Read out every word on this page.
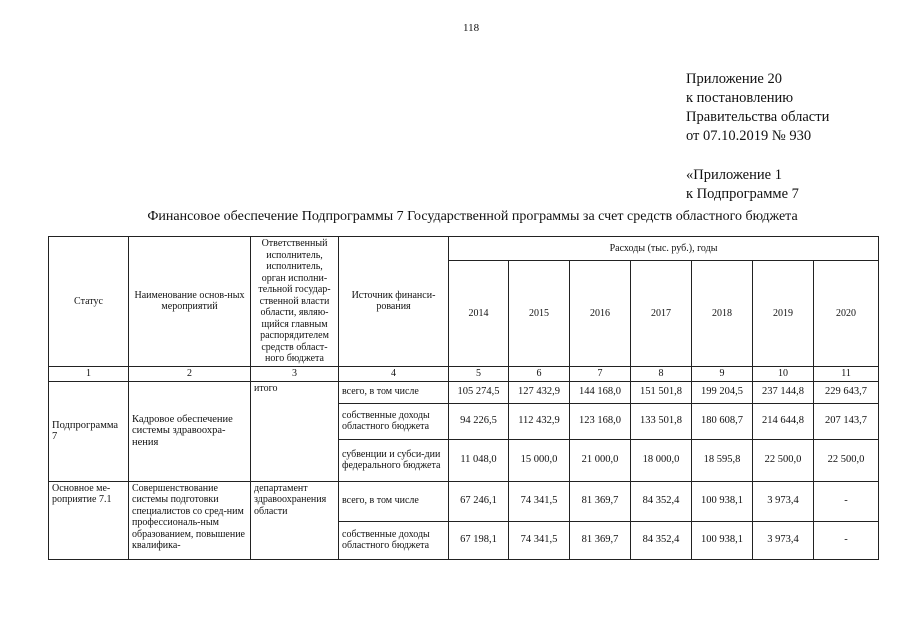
118
Приложение 20
к постановлению
Правительства области
от 07.10.2019 № 930
«Приложение 1
к Подпрограмме 7
Финансовое обеспечение Подпрограммы 7 Государственной программы за счет средств областного бюджета
Статус	Наименование основ-ных мероприятий	Ответственный исполнитель, исполнитель, орган исполни-тельной государ-ственной власти области, являю-щийся главным распорядителем средств област-ного бюджета	Источник финанси-рования	Расходы (тыс. руб.), годы						
				2014	2015	2016	2017	2018	2019	2020
1	2	3	4	5	6	7	8	9	10	11
Подпрограмма 7	Кадровое обеспечение системы здравоохра-нения	итого	всего, в том числе	105 274,5	127 432,9	144 168,0	151 501,8	199 204,5	237 144,8	229 643,7
			собственные доходы областного бюджета	94 226,5	112 432,9	123 168,0	133 501,8	180 608,7	214 644,8	207 143,7
			субвенции и субси-дии федерального бюджета	11 048,0	15 000,0	21 000,0	18 000,0	18 595,8	22 500,0	22 500,0
Основное ме-роприятие 7.1	Совершенствование системы подготовки специалистов со сред-ним профессиональ-ным образованием, повышение квалифика-	департамент здравоохранения области	всего, в том числе	67 246,1	74 341,5	81 369,7	84 352,4	100 938,1	3 973,4	-
			собственные доходы областного бюджета	67 198,1	74 341,5	81 369,7	84 352,4	100 938,1	3 973,4	-
